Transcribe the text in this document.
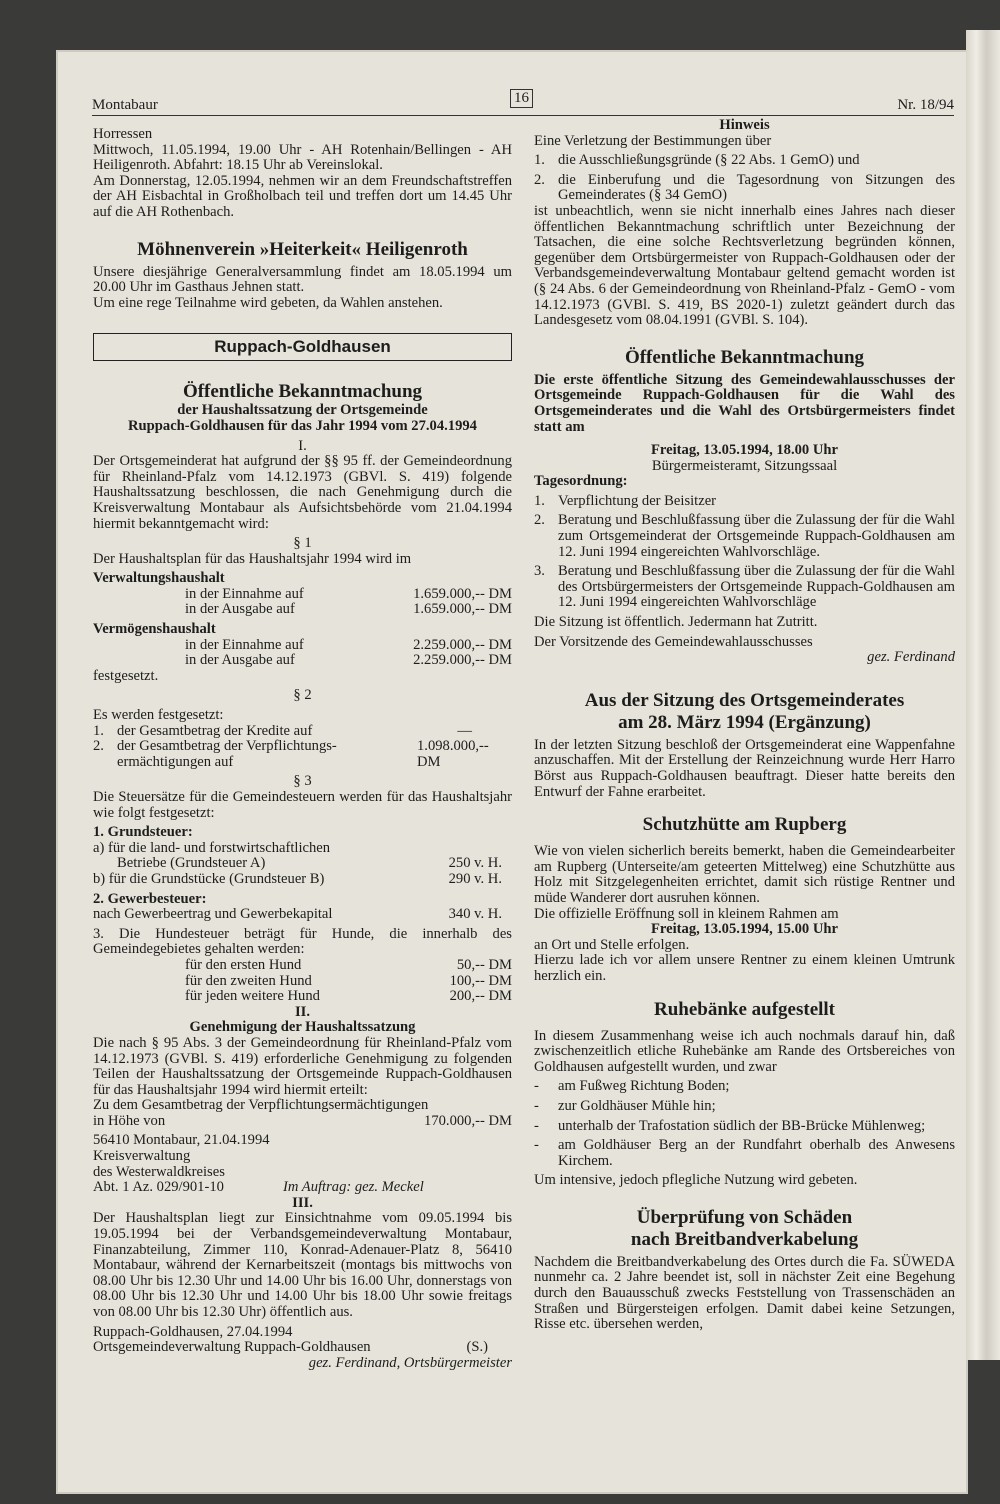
Montabaur	16	Nr. 18/94

Horressen

Mittwoch, 11.05.1994, 19.00 Uhr - AH Rotenhain/Bellingen - AH Heiligenroth. Abfahrt: 18.15 Uhr ab Vereinslokal.

Am Donnerstag, 12.05.1994, nehmen wir an dem Freundschaftstreffen der AH Eisbachtal in Großholbach teil und treffen dort um 14.45 Uhr auf die AH Rothenbach.

Möhnenverein »Heiterkeit« Heiligenroth

Unsere diesjährige Generalversammlung findet am 18.05.1994 um 20.00 Uhr im Gasthaus Jehnen statt.

Um eine rege Teilnahme wird gebeten, da Wahlen anstehen.

Ruppach-Goldhausen
Öffentliche Bekanntmachung

der Haushaltssatzung der Ortsgemeinde

Ruppach-Goldhausen für das Jahr 1994 vom 27.04.1994

I.

Der Ortsgemeinderat hat aufgrund der §§ 95 ff. der Gemeindeordnung für Rheinland-Pfalz vom 14.12.1973 (GBVl. S. 419) folgende Haushaltssatzung beschlossen, die nach Genehmigung durch die Kreisverwaltung Montabaur als Aufsichtsbehörde vom 21.04.1994 hiermit bekanntgemacht wird:

§ 1

Der Haushaltsplan für das Haushaltsjahr 1994 wird im

Verwaltungshaushalt

in der Einnahme auf	1.659.000,-- DM
in der Ausgabe auf	1.659.000,-- DM

Vermögenshaushalt

in der Einnahme auf	2.259.000,-- DM
in der Ausgabe auf	2.259.000,-- DM

festgesetzt.

§ 2

Es werden festgesetzt:

1. der Gesamtbetrag der Kredite auf	—
2. der Gesamtbetrag der Verpflichtungs- ermächtigungen auf
1.098.000,-- DM

§ 3

Die Steuersätze für die Gemeindesteuern werden für das Haushaltsjahr wie folgt festgesetzt:

1. Grundsteuer:

a) für die land- und forstwirtschaftlichen
Betriebe (Grundsteuer A)	250 v. H.
b) für die Grundstücke (Grundsteuer B)	290 v. H.

2. Gewerbesteuer:

nach Gewerbeertrag und Gewerbekapital	340 v. H.

3. Die Hundesteuer beträgt für Hunde, die innerhalb des Gemeindegebietes gehalten werden:

für den ersten Hund	50,-- DM
für den zweiten Hund	100,-- DM
für jeden weitere Hund	200,-- DM

II.

Genehmigung der Haushaltssatzung

Die nach § 95 Abs. 3 der Gemeindeordnung für Rheinland-Pfalz vom 14.12.1973 (GVBl. S. 419) erforderliche Genehmigung zu folgenden Teilen der Haushaltssatzung der Ortsgemeinde Ruppach-Goldhausen für das Haushaltsjahr 1994 wird hiermit erteilt:

Zu dem Gesamtbetrag der Verpflichtungsermächtigungen

in Höhe von	170.000,-- DM

56410 Montabaur, 21.04.1994

Kreisverwaltung

des Westerwaldkreises

Abt. 1 Az. 029/901-10	Im Auftrag: gez. Meckel

III.

Der Haushaltsplan liegt zur Einsichtnahme vom 09.05.1994 bis 19.05.1994 bei der Verbandsgemeindeverwaltung Montabaur, Finanzabteilung, Zimmer 110, Konrad-Adenauer-Platz 8, 56410 Montabaur, während der Kernarbeitszeit (montags bis mittwochs von 08.00 Uhr bis 12.30 Uhr und 14.00 Uhr bis 16.00 Uhr, donnerstags von 08.00 Uhr bis 12.30 Uhr und 14.00 Uhr bis 18.00 Uhr sowie freitags von 08.00 Uhr bis 12.30 Uhr) öffentlich aus.

Ruppach-Goldhausen, 27.04.1994

Ortsgemeindeverwaltung Ruppach-Goldhausen	(S.)

gez. Ferdinand, Ortsbürgermeister

Hinweis

Eine Verletzung der Bestimmungen über

1. die Ausschließungsgründe (§ 22 Abs. 1 GemO) und
2. die Einberufung und die Tagesordnung von Sitzungen des Gemeinderates (§ 34 GemO)

ist unbeachtlich, wenn sie nicht innerhalb eines Jahres nach dieser öffentlichen Bekanntmachung schriftlich unter Bezeichnung der Tatsachen, die eine solche Rechtsverletzung begründen können, gegenüber dem Ortsbürgermeister von Ruppach-Goldhausen oder der Verbandsgemeindeverwaltung Montabaur geltend gemacht worden ist (§ 24 Abs. 6 der Gemeindeordnung von Rheinland-Pfalz - GemO - vom 14.12.1973 (GVBl. S. 419, BS 2020-1) zuletzt geändert durch das Landesgesetz vom 08.04.1991 (GVBl. S. 104).

Öffentliche Bekanntmachung

Die erste öffentliche Sitzung des Gemeindewahlausschusses der Ortsgemeinde Ruppach-Goldhausen für die Wahl des Ortsgemeinderates und die Wahl des Ortsbürgermeisters findet statt am

Freitag, 13.05.1994, 18.00 Uhr

Bürgermeisteramt, Sitzungssaal

Tagesordnung:

1. Verpflichtung der Beisitzer
2. Beratung und Beschlußfassung über die Zulassung der für die Wahl zum Ortsgemeinderat der Ortsgemeinde Ruppach-Goldhausen am 12. Juni 1994 eingereichten Wahlvorschläge.
3. Beratung und Beschlußfassung über die Zulassung der für die Wahl des Ortsbürgermeisters der Ortsgemeinde Ruppach-Goldhausen am 12. Juni 1994 eingereichten Wahlvorschläge

Die Sitzung ist öffentlich. Jedermann hat Zutritt.

Der Vorsitzende des Gemeindewahlausschusses

gez. Ferdinand

Aus der Sitzung des Ortsgemeinderates
am 28. März 1994 (Ergänzung)

In der letzten Sitzung beschloß der Ortsgemeinderat eine Wappenfahne anzuschaffen. Mit der Erstellung der Reinzeichnung wurde Herr Harro Börst aus Ruppach-Goldhausen beauftragt. Dieser hatte bereits den Entwurf der Fahne erarbeitet.

Schutzhütte am Rupberg

Wie von vielen sicherlich bereits bemerkt, haben die Gemeindearbeiter am Rupberg (Unterseite/am geteerten Mittelweg) eine Schutzhütte aus Holz mit Sitzgelegenheiten errichtet, damit sich rüstige Rentner und müde Wanderer dort ausruhen können.

Die offizielle Eröffnung soll in kleinem Rahmen am

Freitag, 13.05.1994, 15.00 Uhr

an Ort und Stelle erfolgen.

Hierzu lade ich vor allem unsere Rentner zu einem kleinen Umtrunk herzlich ein.

Ruhebänke aufgestellt

In diesem Zusammenhang weise ich auch nochmals darauf hin, daß zwischenzeitlich etliche Ruhebänke am Rande des Ortsbereiches von Goldhausen aufgestellt wurden, und zwar

-	am Fußweg Richtung Boden;
-	zur Goldhäuser Mühle hin;
-	unterhalb der Trafostation südlich der BB-Brücke Mühlenweg;
-	am Goldhäuser Berg an der Rundfahrt oberhalb des Anwesens Kirchem.

Um intensive, jedoch pflegliche Nutzung wird gebeten.

Überprüfung von Schäden
nach Breitbandverkabelung

Nachdem die Breitbandverkabelung des Ortes durch die Fa. SÜWEDA nunmehr ca. 2 Jahre beendet ist, soll in nächster Zeit eine Begehung durch den Bauausschuß zwecks Feststellung von Trassenschäden an Straßen und Bürgersteigen erfolgen. Damit dabei keine Setzungen, Risse etc. übersehen werden,
